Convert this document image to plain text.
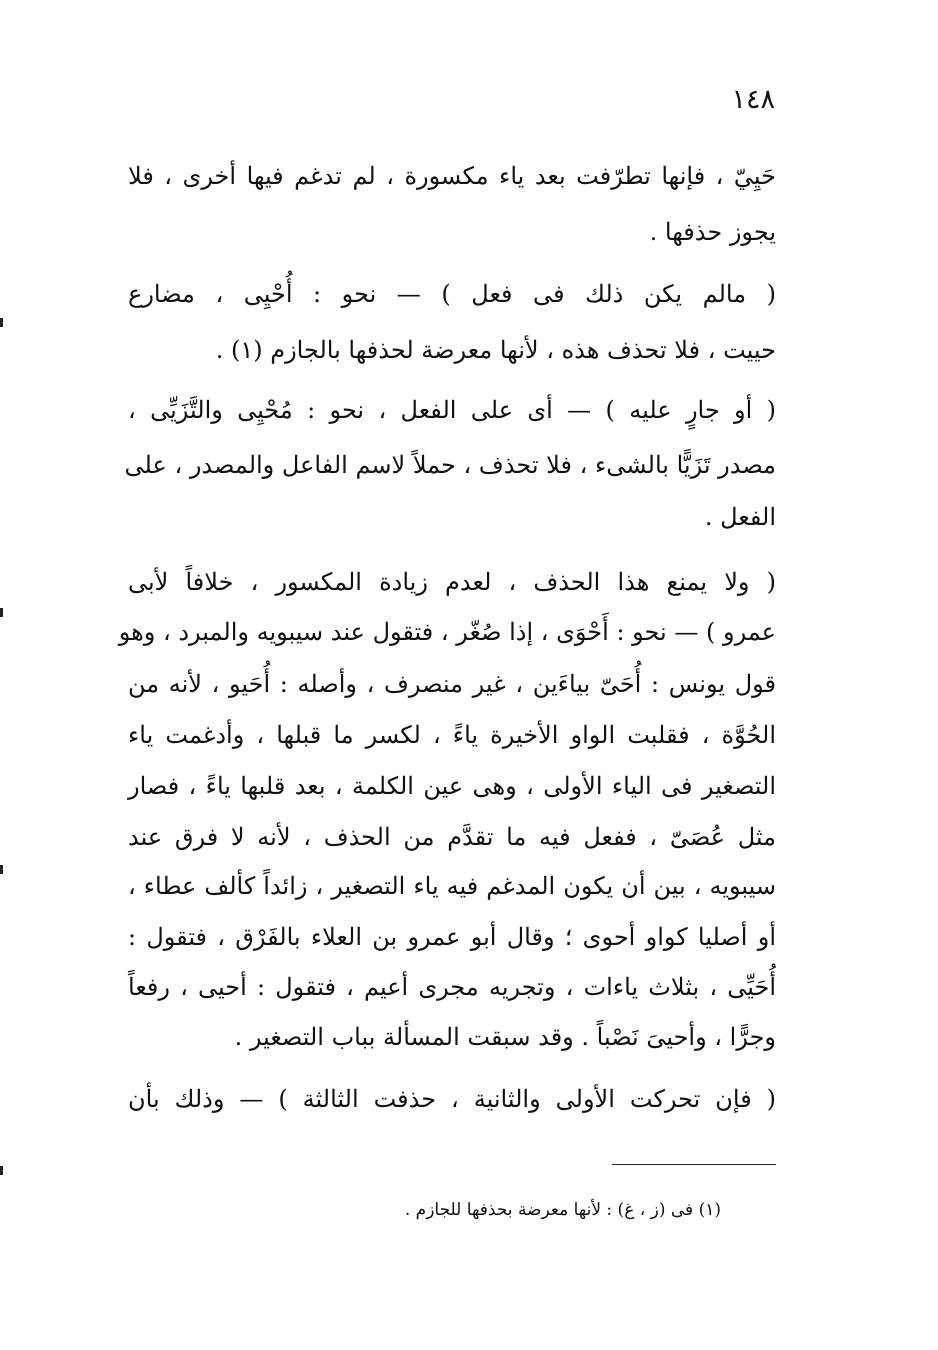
١٤٨
حَيِيّ ، فإنها تطرّفت بعد ياء مكسورة ، لم تدغم فيها أخرى ، فلا
يجوز حذفها .
( مالم يكن ذلك فى فعل ) — نحو : أُحْيِى ، مضارع
حييت ، فلا تحذف هذه ، لأنها معرضة لحذفها بالجازم (١) .
( أو جارٍ عليه ) — أى على الفعل ، نحو : مُحْيِى والتَّزَيِّى ،
مصدر تَزَيًّا بالشىء ، فلا تحذف ، حملاً لاسم الفاعل والمصدر ، على
الفعل .
( ولا يمنع هذا الحذف ، لعدم زيادة المكسور ، خلافاً لأبى
عمرو ) — نحو : أَحْوَى ، إذا صُغّر ، فتقول عند سيبويه والمبرد ، وهو
قول يونس : أُحَىّ بياءَين ، غير منصرف ، وأصله : أُحَيو ، لأنه من
الحُوَّة ، فقلبت الواو الأخيرة ياءً ، لكسر ما قبلها ، وأدغمت ياء
التصغير فى الياء الأولى ، وهى عين الكلمة ، بعد قلبها ياءً ، فصار
مثل عُصَىّ ، ففعل فيه ما تقدَّم من الحذف ، لأنه لا فرق عند
سيبويه ، بين أن يكون المدغم فيه ياء التصغير ، زائداً كألف عطاء ،
أو أصليا كواو أحوى ؛ وقال أبو عمرو بن العلاء بالفَرْق ، فتقول :
أُحَيِّى ، بثلاث ياءات ، وتجريه مجرى أعيم ، فتقول : أحيى ، رفعاً
وجرًّا ، وأحيىَ نَصْباً . وقد سبقت المسألة بباب التصغير .
( فإن تحركت الأولى والثانية ، حذفت الثالثة ) — وذلك بأن
(١) فى (ز ، غ) : لأنها معرضة بحذفها للجازم .
